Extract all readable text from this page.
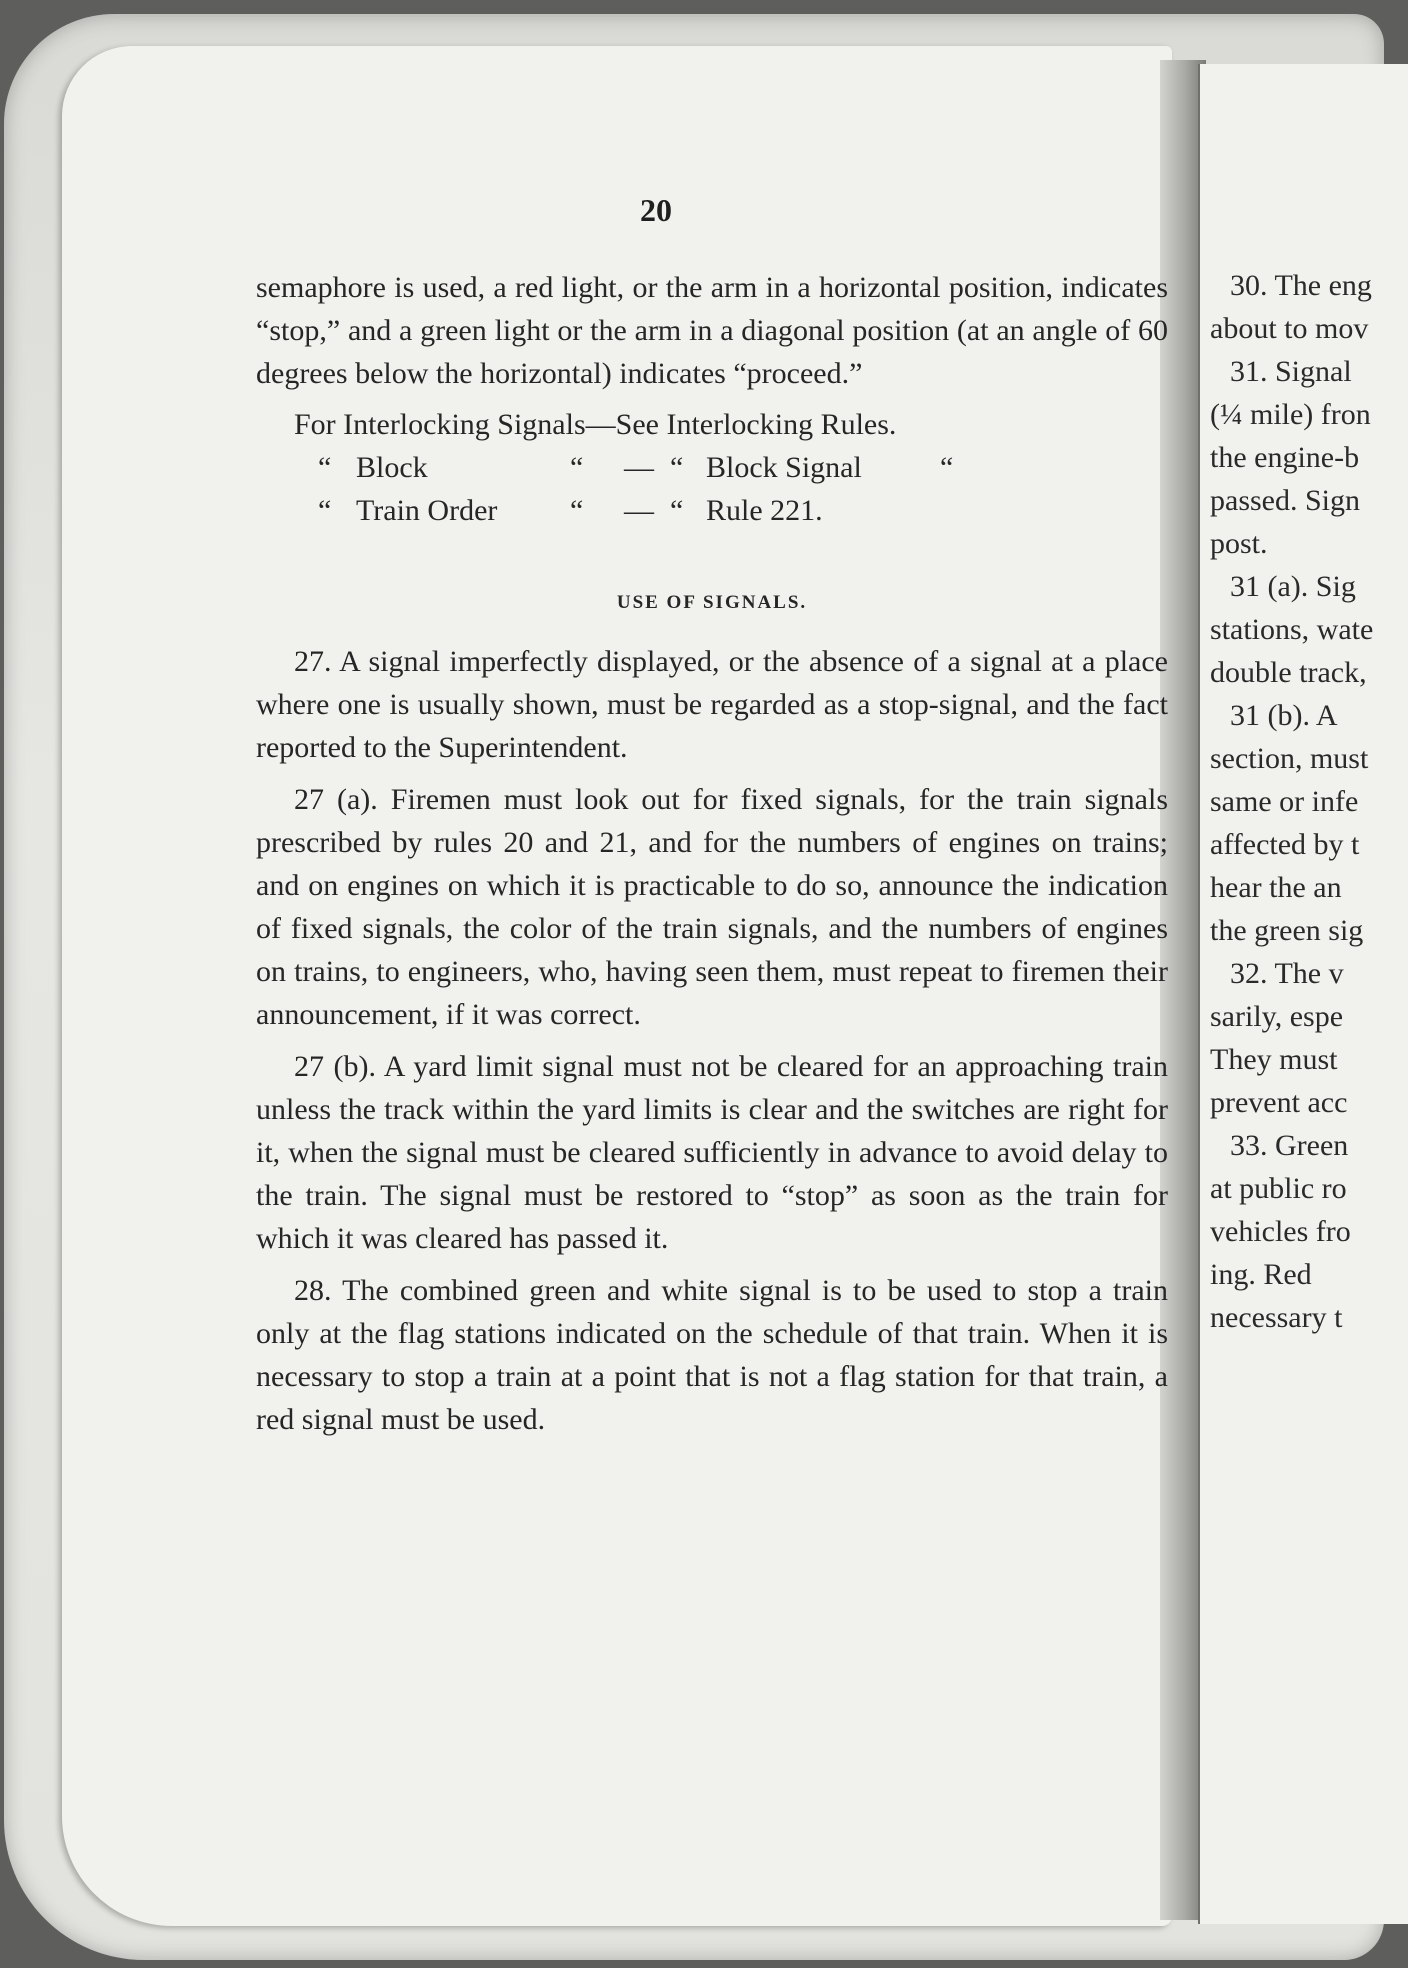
20

semaphore is used, a red light, or the arm in a horizontal position, indicates “stop,” and a green light or the arm in a diagonal position (at an angle of 60 degrees below the horizontal) indicates “proceed.”

For Interlocking Signals — See Interlocking Rules.
“ Block	“	— “ Block Signal	“
“ Train Order	“	— “ Rule 221.

USE OF SIGNALS.

27. A signal imperfectly displayed, or the absence of a signal at a place where one is usually shown, must be regarded as a stop-signal, and the fact reported to the Superintendent.

27 (a). Firemen must look out for fixed signals, for the train signals prescribed by rules 20 and 21, and for the numbers of engines on trains; and on engines on which it is practicable to do so, announce the indication of fixed signals, the color of the train signals, and the numbers of engines on trains, to engineers, who, having seen them, must repeat to firemen their announcement, if it was correct.

27 (b). A yard limit signal must not be cleared for an approaching train unless the track within the yard limits is clear and the switches are right for it, when the signal must be cleared sufficiently in advance to avoid delay to the train. The signal must be restored to “stop” as soon as the train for which it was cleared has passed it.

28. The combined green and white signal is to be used to stop a train only at the flag stations indicated on the schedule of that train. When it is necessary to stop a train at a point that is not a flag station for that train, a red signal must be used.

30. The eng
about to mov
31. Signal
(¼ mile) fron
the engine-b
passed. Sign
post.
31 (a). Sig
stations, wate
double track,
31 (b). A
section, must
same or infe
affected by t
hear the an
the green sig
32. The v
sarily, espe
They must
prevent acc
33. Green
at public ro
vehicles fro
ing. Red
necessary t
